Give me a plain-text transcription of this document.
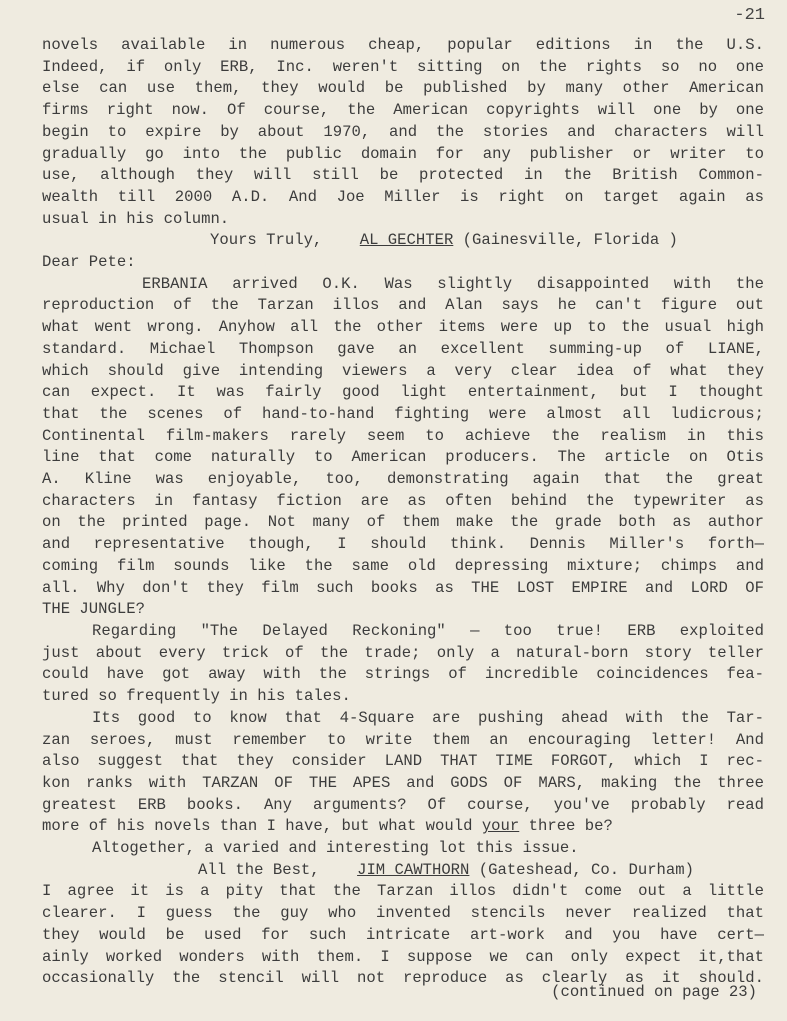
-21
novels available in numerous cheap, popular editions in the U.S.
Indeed, if only ERB, Inc. weren't sitting on the rights so no one
else can use them, they would be published by many other American
firms right now. Of course, the American copyrights will one by one
begin to expire by about 1970, and the stories and characters will
gradually go into the public domain for any publisher or writer to
use, although they will still be protected in the British Common-
wealth till 2000 A.D. And Joe Miller is right on target again as
usual in his column.
Yours Truly, AL GECHTER (Gainesville, Florida )
Dear Pete:
ERBANIA arrived O.K. Was slightly disappointed with the
reproduction of the Tarzan illos and Alan says he can't figure out
what went wrong. Anyhow all the other items were up to the usual high
standard. Michael Thompson gave an excellent summing-up of LIANE,
which should give intending viewers a very clear idea of what they
can expect. It was fairly good light entertainment, but I thought
that the scenes of hand-to-hand fighting were almost all ludicrous;
Continental film-makers rarely seem to achieve the realism in this
line that come naturally to American producers. The article on Otis
A. Kline was enjoyable, too, demonstrating again that the great
characters in fantasy fiction are as often behind the typewriter as
on the printed page. Not many of them make the grade both as author
and representative though, I should think. Dennis Miller's forth—
coming film sounds like the same old depressing mixture; chimps and
all. Why don't they film such books as THE LOST EMPIRE and LORD OF
THE JUNGLE?
Regarding "The Delayed Reckoning" — too true! ERB exploited
just about every trick of the trade; only a natural-born story teller
could have got away with the strings of incredible coincidences fea-
tured so frequently in his tales.
Its good to know that 4-Square are pushing ahead with the Tar-
zan seroes, must remember to write them an encouraging letter! And
also suggest that they consider LAND THAT TIME FORGOT, which I rec-
kon ranks with TARZAN OF THE APES and GODS OF MARS, making the three
greatest ERB books. Any arguments? Of course, you've probably read
more of his novels than I have, but what would your three be?
Altogether, a varied and interesting lot this issue.
All the Best, JIM CAWTHORN (Gateshead, Co. Durham)
I agree it is a pity that the Tarzan illos didn't come out a little
clearer. I guess the guy who invented stencils never realized that
they would be used for such intricate art-work and you have cert—
ainly worked wonders with them. I suppose we can only expect it,that
occasionally the stencil will not reproduce as clearly as it should.
(continued on page 23)
